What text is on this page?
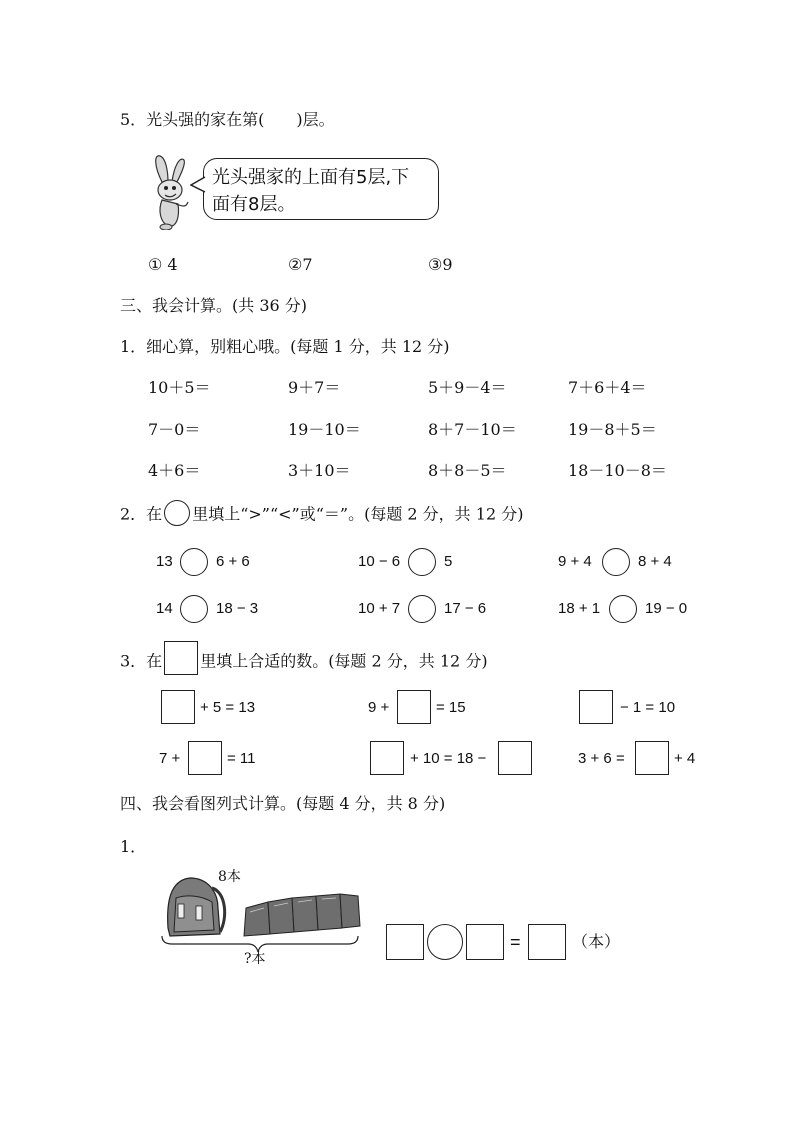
5．光头强的家在第(　　)层。
光头强家的上面有5层,下
面有8层。
① 4	②7	③9
三、我会计算。(共 36 分)
1．细心算，别粗心哦。(每题 1 分，共 12 分)
10＋5＝	9＋7＝	5＋9－4＝	7＋6＋4＝
7－0＝	19－10＝	8＋7－10＝	19－8＋5＝
4＋6＝	3＋10＝	8＋8－5＝	18－10－8＝
2．在 里填上“>”“<”或“＝”。(每题 2 分，共 12 分)
13	6 + 6	10 − 6	5	9 + 4	8 + 4
14	18 − 3	10 + 7	17 − 6	18 + 1	19 − 0
3．在 里填上合适的数。(每题 2 分，共 12 分)
+ 5 = 13	9 +	= 15	− 1 = 10
7 +	= 11	+ 10 = 18 −	3 + 6 =	+ 4
四、我会看图列式计算。(每题 4 分，共 8 分)
1．
8本
?本
=	（本）
